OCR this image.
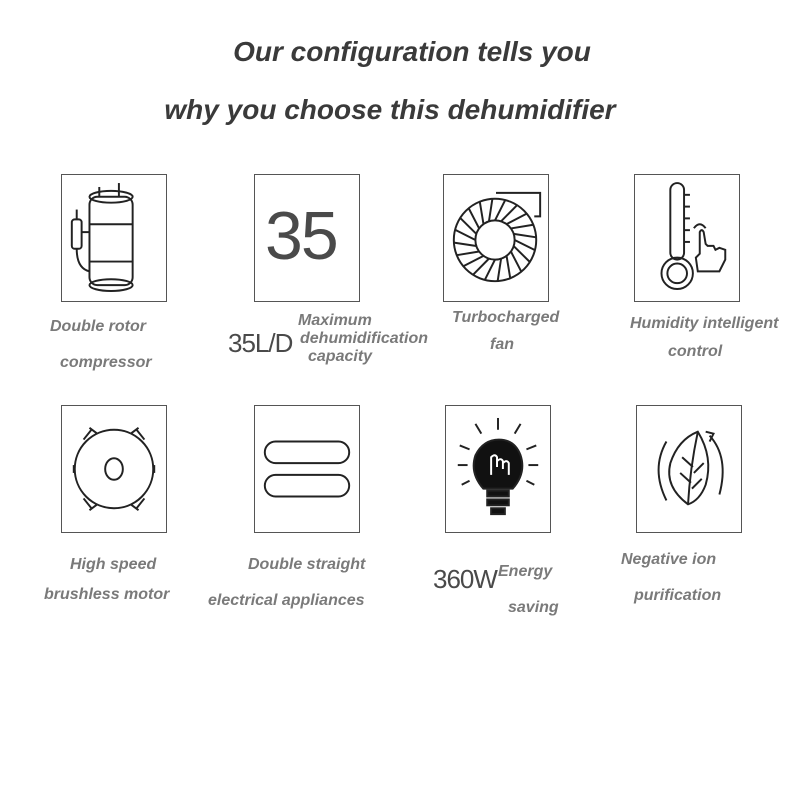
Our configuration tells you
why you choose this dehumidifier
Double rotor
compressor
35
35L/D
Maximum
dehumidification
capacity
Turbocharged
fan
Humidity intelligent
control
High speed
brushless motor
Double straight
electrical appliances
360W Energy
saving
Negative ion
purification
